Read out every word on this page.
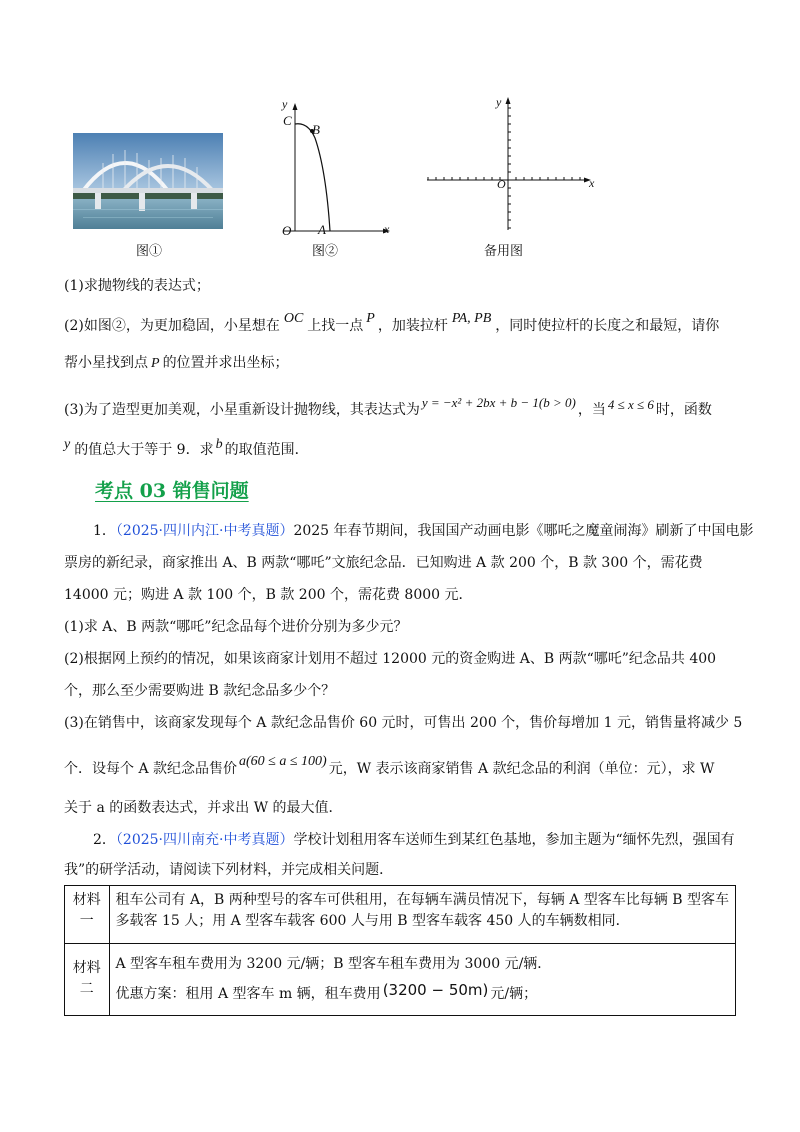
图①
y
C
B
O A	x
图②
y
O	x
备用图
(1)求抛物线的表达式；
(2)如图②，为更加稳固，小星想在 OC 上找一点 P ，加装拉杆 PA, PB ，同时使拉杆的长度之和最短，请你
帮小星找到点 P 的位置并求出坐标；
(3)为了造型更加美观，小星重新设计抛物线，其表达式为 y = −x² + 2bx + b − 1(b > 0) ，当 4 ≤ x ≤ 6 时，函数
y 的值总大于等于 9．求 b 的取值范围．
考点 03 销售问题
1．（2025·四川内江·中考真题）2025 年春节期间，我国国产动画电影《哪吒之魔童闹海》刷新了中国电影
票房的新纪录，商家推出 A、B 两款“哪吒”文旅纪念品．已知购进 A 款 200 个，B 款 300 个，需花费
14000 元；购进 A 款 100 个，B 款 200 个，需花费 8000 元．
(1)求 A、B 两款“哪吒”纪念品每个进价分别为多少元？
(2)根据网上预约的情况，如果该商家计划用不超过 12000 元的资金购进 A、B 两款“哪吒”纪念品共 400
个，那么至少需要购进 B 款纪念品多少个？
(3)在销售中，该商家发现每个 A 款纪念品售价 60 元时，可售出 200 个，售价每增加 1 元，销售量将减少 5
个．设每个 A 款纪念品售价 a(60 ≤ a ≤ 100) 元，W 表示该商家销售 A 款纪念品的利润（单位：元），求 W
关于 a 的函数表达式，并求出 W 的最大值．
2．（2025·四川南充·中考真题）学校计划租用客车送师生到某红色基地，参加主题为“缅怀先烈，强国有
我”的研学活动，请阅读下列材料，并完成相关问题．
材料一	租车公司有 A，B 两种型号的客车可供租用，在每辆车满员情况下，每辆 A 型客车比每辆 B 型客车
多载客 15 人；用 A 型客车载客 600 人与用 B 型客车载客 450 人的车辆数相同．

材料二	A 型客车租车费用为 3200 元/辆；B 型客车租车费用为 3000 元/辆．
优惠方案：租用 A 型客车 m 辆，租车费用 (3200 − 50m) 元/辆；
